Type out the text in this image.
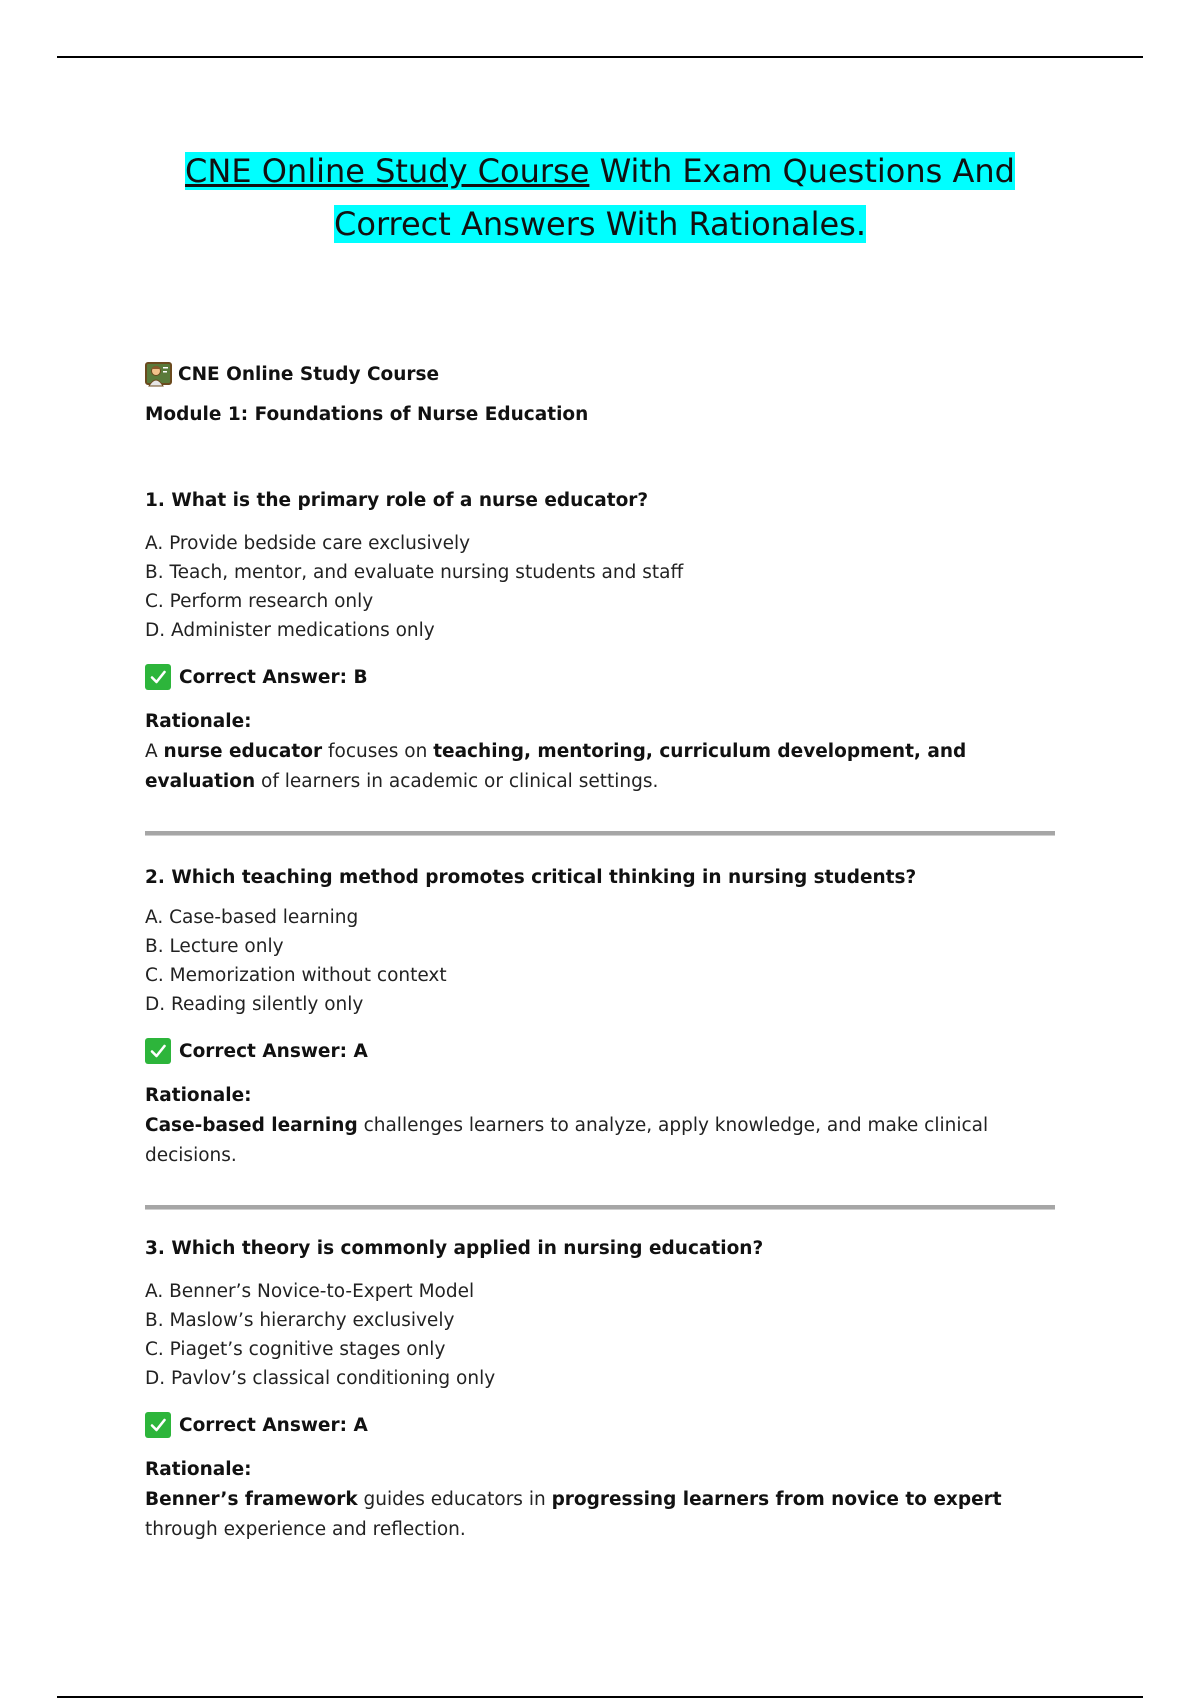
CNE Online Study Course With Exam Questions And
Correct Answers With Rationales.
CNE Online Study Course
Module 1: Foundations of Nurse Education
1. What is the primary role of a nurse educator?
A. Provide bedside care exclusively
B. Teach, mentor, and evaluate nursing students and staff
C. Perform research only
D. Administer medications only
Correct Answer:
B
Rationale:
A nurse educator focuses on teaching, mentoring, curriculum development, and evaluation of learners in academic or clinical settings.
2. Which teaching method promotes critical thinking in nursing students?
A. Case-based learning
B. Lecture only
C. Memorization without context
D. Reading silently only
Correct Answer:
A
Rationale:
Case-based learning challenges learners to analyze, apply knowledge, and make clinical decisions.
3. Which theory is commonly applied in nursing education?
A. Benner’s Novice-to-Expert Model
B. Maslow’s hierarchy exclusively
C. Piaget’s cognitive stages only
D. Pavlov’s classical conditioning only
Correct Answer:
A
Rationale:
Benner’s framework guides educators in progressing learners from novice to expert through experience and reflection.
